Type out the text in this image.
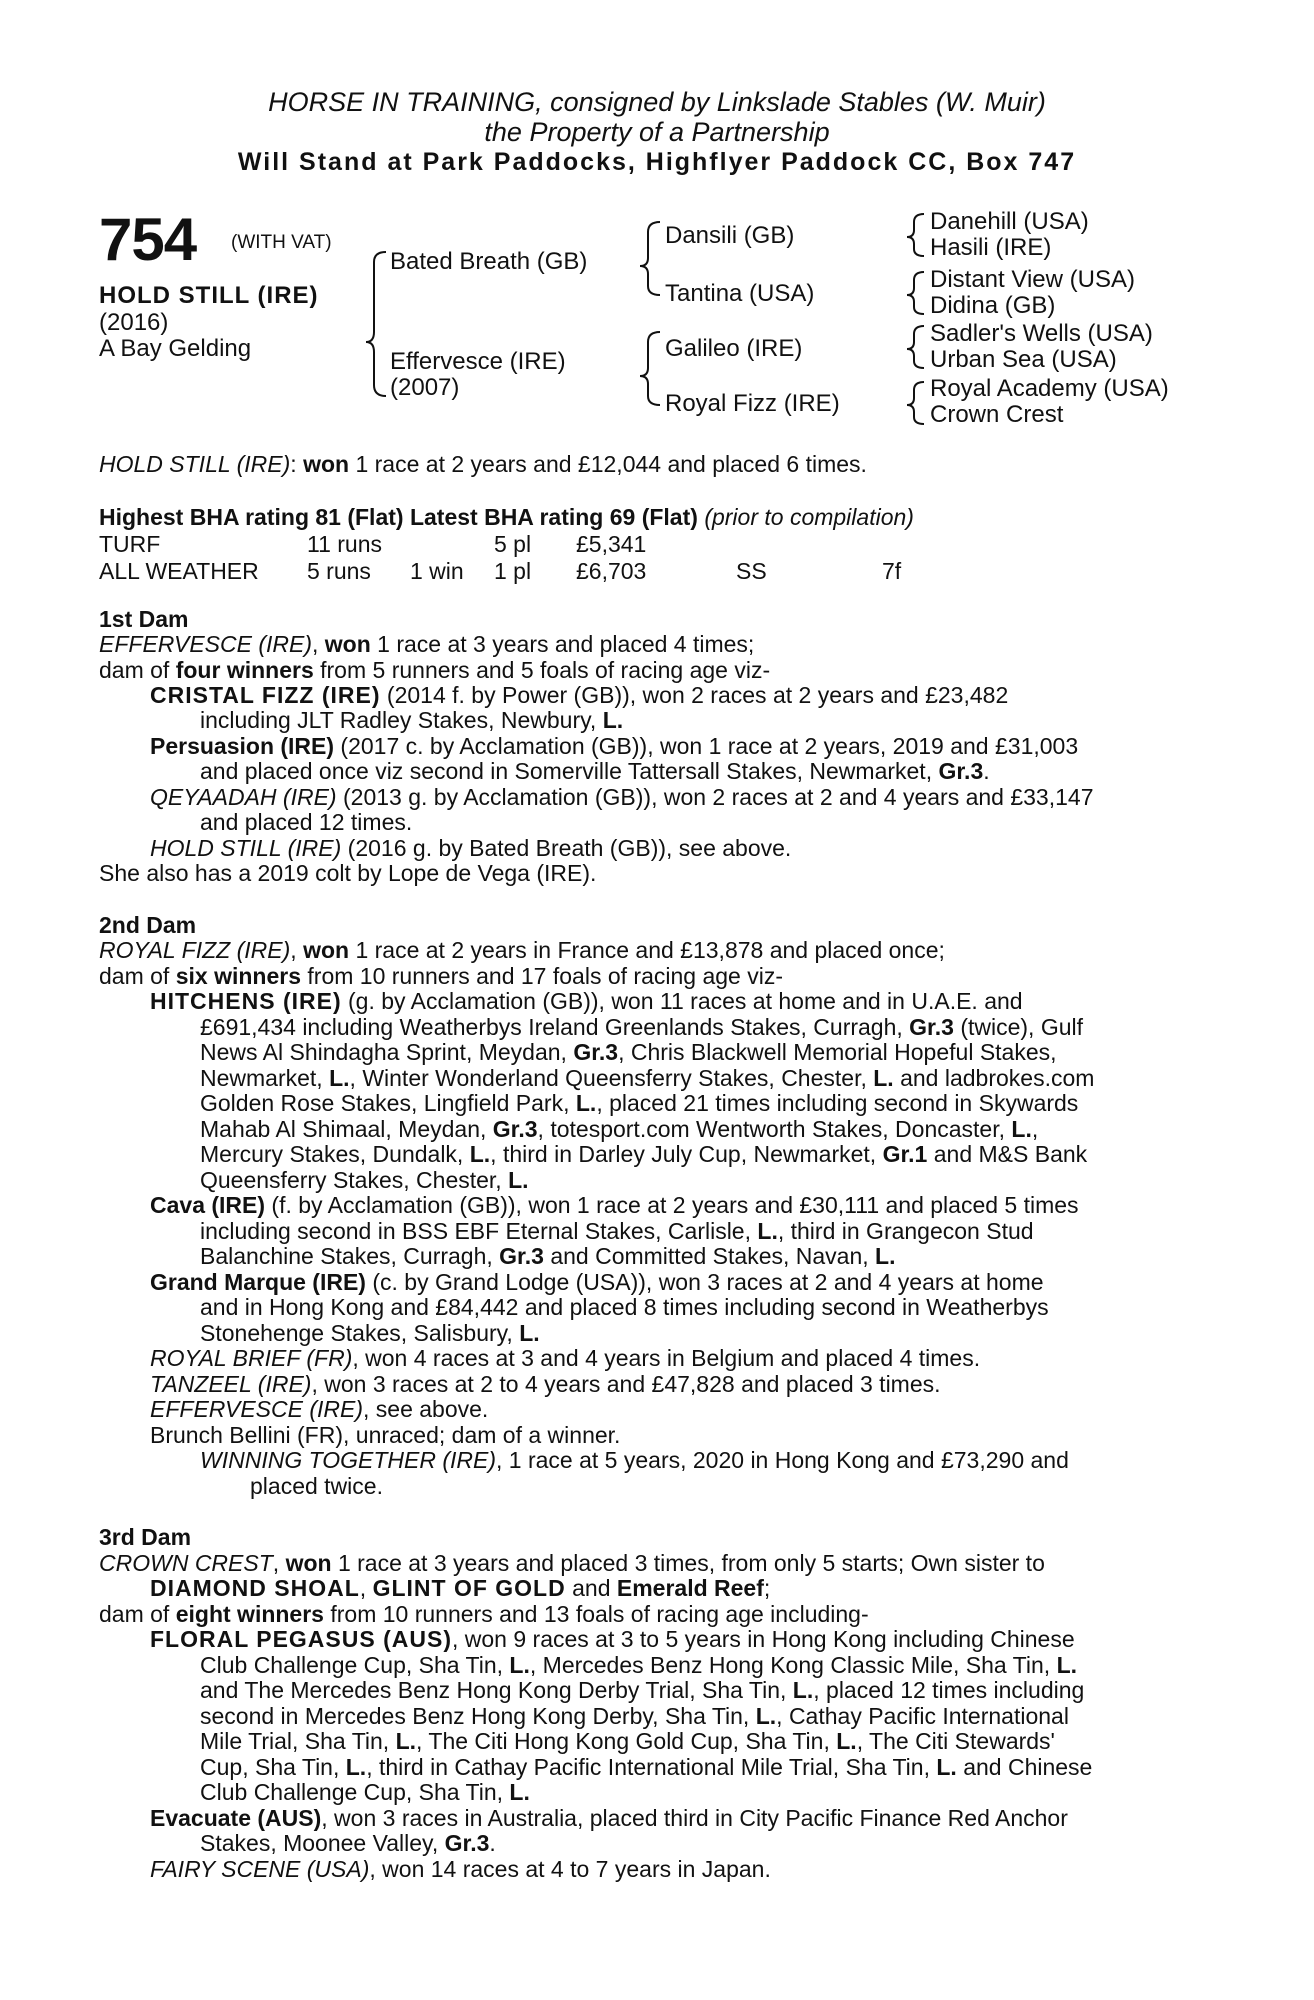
HORSE IN TRAINING, consigned by Linkslade Stables (W. Muir)
the Property of a Partnership
Will Stand at Park Paddocks, Highflyer Paddock CC, Box 747
754 (WITH VAT)
HOLD STILL (IRE)
(2016)
A Bay Gelding
Bated Breath (GB)
Effervesce (IRE)
(2007)
Dansili (GB)
Tantina (USA)
Galileo (IRE)
Royal Fizz (IRE)
Danehill (USA)
Hasili (IRE)
Distant View (USA)
Didina (GB)
Sadler's Wells (USA)
Urban Sea (USA)
Royal Academy (USA)
Crown Crest
HOLD STILL (IRE): won 1 race at 2 years and £12,044 and placed 6 times.
Highest BHA rating 81 (Flat) Latest BHA rating 69 (Flat) (prior to compilation)
TURF	11 runs		5 pl	£5,341		
ALL WEATHER	5 runs	1 win	1 pl	£6,703	SS	7f
1st Dam
EFFERVESCE (IRE), won 1 race at 3 years and placed 4 times;
dam of four winners from 5 runners and 5 foals of racing age viz-
CRISTAL FIZZ (IRE) (2014 f. by Power (GB)), won 2 races at 2 years and £23,482
including JLT Radley Stakes, Newbury, L.
Persuasion (IRE) (2017 c. by Acclamation (GB)), won 1 race at 2 years, 2019 and £31,003
and placed once viz second in Somerville Tattersall Stakes, Newmarket, Gr.3.
QEYAADAH (IRE) (2013 g. by Acclamation (GB)), won 2 races at 2 and 4 years and £33,147
and placed 12 times.
HOLD STILL (IRE) (2016 g. by Bated Breath (GB)), see above.
She also has a 2019 colt by Lope de Vega (IRE).
2nd Dam
ROYAL FIZZ (IRE), won 1 race at 2 years in France and £13,878 and placed once;
dam of six winners from 10 runners and 17 foals of racing age viz-
HITCHENS (IRE) (g. by Acclamation (GB)), won 11 races at home and in U.A.E. and
£691,434 including Weatherbys Ireland Greenlands Stakes, Curragh, Gr.3 (twice), Gulf
News Al Shindagha Sprint, Meydan, Gr.3, Chris Blackwell Memorial Hopeful Stakes,
Newmarket, L., Winter Wonderland Queensferry Stakes, Chester, L. and ladbrokes.com
Golden Rose Stakes, Lingfield Park, L., placed 21 times including second in Skywards
Mahab Al Shimaal, Meydan, Gr.3, totesport.com Wentworth Stakes, Doncaster, L.,
Mercury Stakes, Dundalk, L., third in Darley July Cup, Newmarket, Gr.1 and M&S Bank
Queensferry Stakes, Chester, L.
Cava (IRE) (f. by Acclamation (GB)), won 1 race at 2 years and £30,111 and placed 5 times
including second in BSS EBF Eternal Stakes, Carlisle, L., third in Grangecon Stud
Balanchine Stakes, Curragh, Gr.3 and Committed Stakes, Navan, L.
Grand Marque (IRE) (c. by Grand Lodge (USA)), won 3 races at 2 and 4 years at home
and in Hong Kong and £84,442 and placed 8 times including second in Weatherbys
Stonehenge Stakes, Salisbury, L.
ROYAL BRIEF (FR), won 4 races at 3 and 4 years in Belgium and placed 4 times.
TANZEEL (IRE), won 3 races at 2 to 4 years and £47,828 and placed 3 times.
EFFERVESCE (IRE), see above.
Brunch Bellini (FR), unraced; dam of a winner.
WINNING TOGETHER (IRE), 1 race at 5 years, 2020 in Hong Kong and £73,290 and
placed twice.
3rd Dam
CROWN CREST, won 1 race at 3 years and placed 3 times, from only 5 starts; Own sister to
DIAMOND SHOAL, GLINT OF GOLD and Emerald Reef;
dam of eight winners from 10 runners and 13 foals of racing age including-
FLORAL PEGASUS (AUS), won 9 races at 3 to 5 years in Hong Kong including Chinese
Club Challenge Cup, Sha Tin, L., Mercedes Benz Hong Kong Classic Mile, Sha Tin, L.
and The Mercedes Benz Hong Kong Derby Trial, Sha Tin, L., placed 12 times including
second in Mercedes Benz Hong Kong Derby, Sha Tin, L., Cathay Pacific International
Mile Trial, Sha Tin, L., The Citi Hong Kong Gold Cup, Sha Tin, L., The Citi Stewards'
Cup, Sha Tin, L., third in Cathay Pacific International Mile Trial, Sha Tin, L. and Chinese
Club Challenge Cup, Sha Tin, L.
Evacuate (AUS), won 3 races in Australia, placed third in City Pacific Finance Red Anchor
Stakes, Moonee Valley, Gr.3.
FAIRY SCENE (USA), won 14 races at 4 to 7 years in Japan.
